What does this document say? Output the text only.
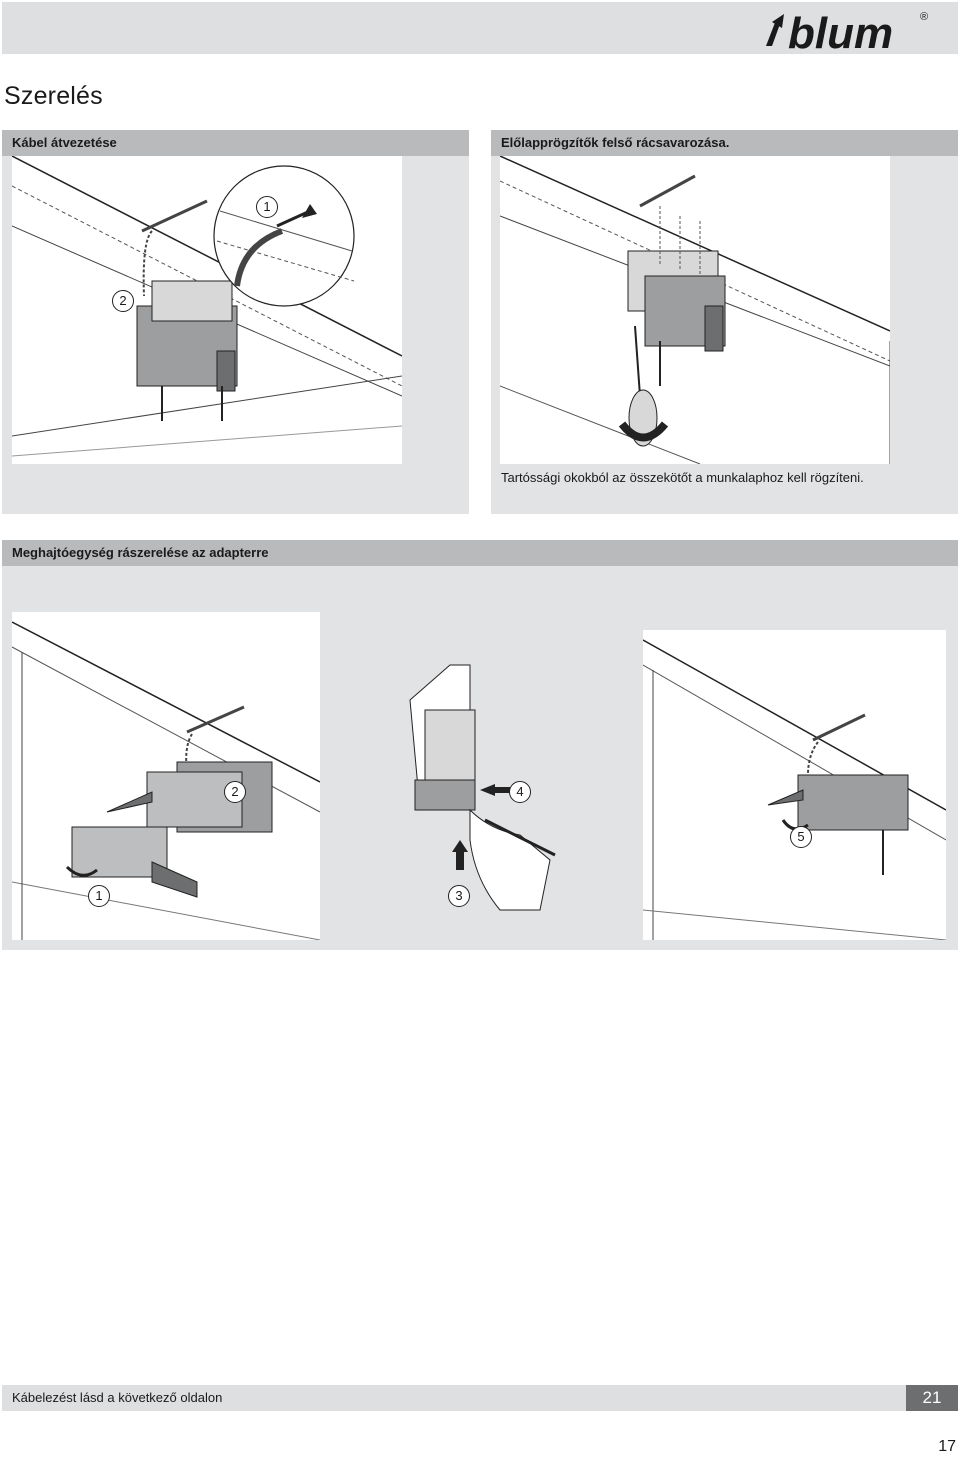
blum ®
Szerelés
Kábel átvezetése
1
2
Előlapprögzítők felső rácsavarozása.
Tartóssági okokból az összekötőt a munkalaphoz kell rögzíteni.
Meghajtóegység rászerelése az adapterre
2
1
4
3
5
Kábelezést lásd a következő oldalon	21
17
